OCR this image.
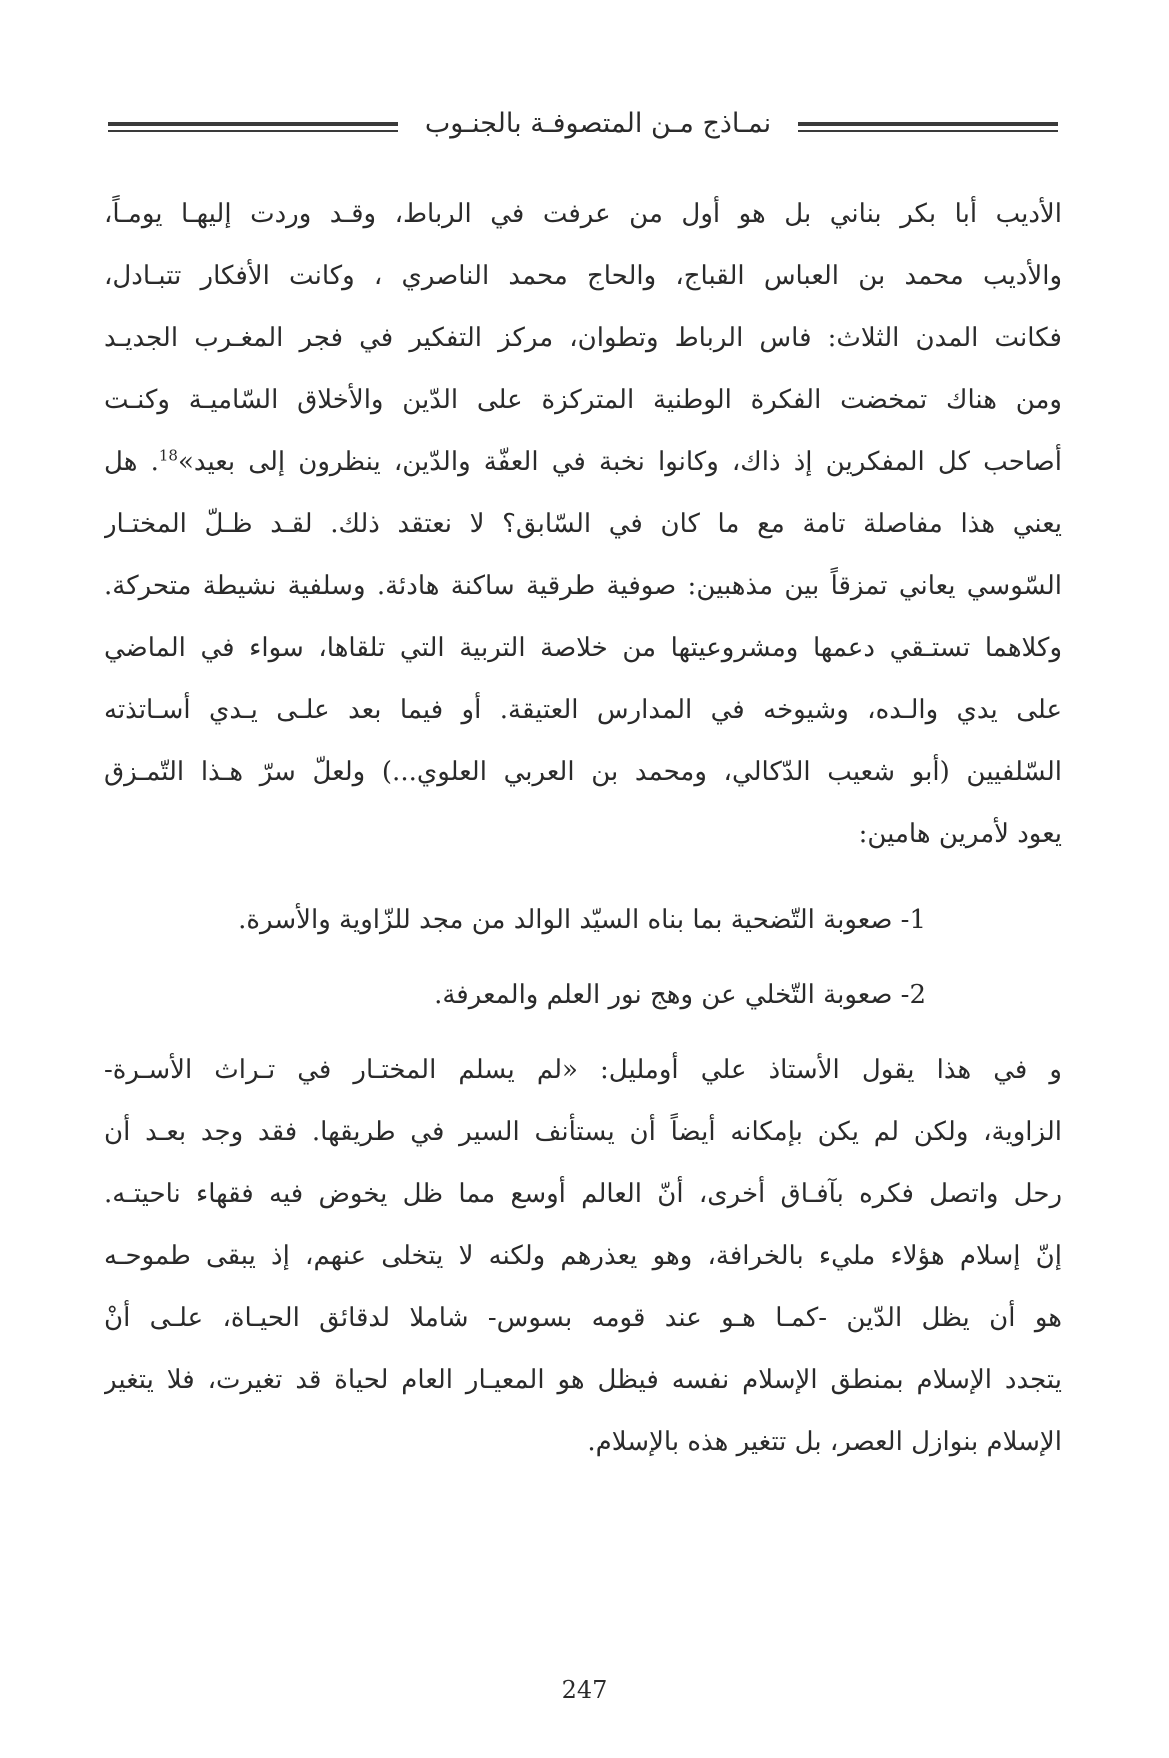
نمـاذج مـن المتصوفـة بالجنـوب
الأديب أبا بكر بناني بل هو أول من عرفت في الرباط، وقـد وردت إليهـا يومـاً،
والأديب محمد بن العباس القباج، والحاج محمد الناصري ، وكانت الأفكار تتبـادل،
فكانت المدن الثلاث: فاس الرباط وتطوان، مركز التفكير في فجر المغـرب الجديـد
ومن هناك تمخضت الفكرة الوطنية المتركزة على الدّين والأخلاق السّاميـة وكنـت
أصاحب كل المفكرين إذ ذاك، وكانوا نخبة في العفّة والدّين، ينظرون إلى بعيد»$^{18}$. هل
يعني هذا مفاصلة تامة مع ما كان في السّابق؟ لا نعتقد ذلك. لقـد ظـلّ المختـار
السّوسي يعاني تمزقاً بين مذهبين: صوفية طرقية ساكنة هادئة. وسلفية نشيطة متحركة.
وكلاهما تستـقي دعمها ومشروعيتها من خلاصة التربية التي تلقاها، سواء في الماضي
على يدي والـده، وشيوخه في المدارس العتيقة. أو فيما بعد علـى يـدي أسـاتذته
السّلفيين (أبو شعيب الدّكالي، ومحمد بن العربي العلوي...) ولعلّ سرّ هـذا التّمـزق
يعود لأمرين هامين:
1- صعوبة التّضحية بما بناه السيّد الوالد من مجد للزّاوية والأسرة.
2- صعوبة التّخلي عن وهج نور العلم والمعرفة.
و في هذا يقول الأستاذ علي أومليل: «لم يسلم المختـار في تـراث الأسـرة-
الزاوية، ولكن لم يكن بإمكانه أيضاً أن يستأنف السير في طريقها. فقد وجد بعـد أن
رحل واتصل فكره بآفـاق أخرى، أنّ العالم أوسع مما ظل يخوض فيه فقهاء ناحيتـه.
إنّ إسلام هؤلاء مليء بالخرافة، وهو يعذرهم ولكنه لا يتخلى عنهم، إذ يبقى طموحـه
هو أن يظل الدّين -كمـا هـو عند قومه بسوس- شاملا لدقائق الحيـاة، علـى أنْ
يتجدد الإسلام بمنطق الإسلام نفسه فيظل هو المعيـار العام لحياة قد تغيرت، فلا يتغير
الإسلام بنوازل العصر، بل تتغير هذه بالإسلام.
247
